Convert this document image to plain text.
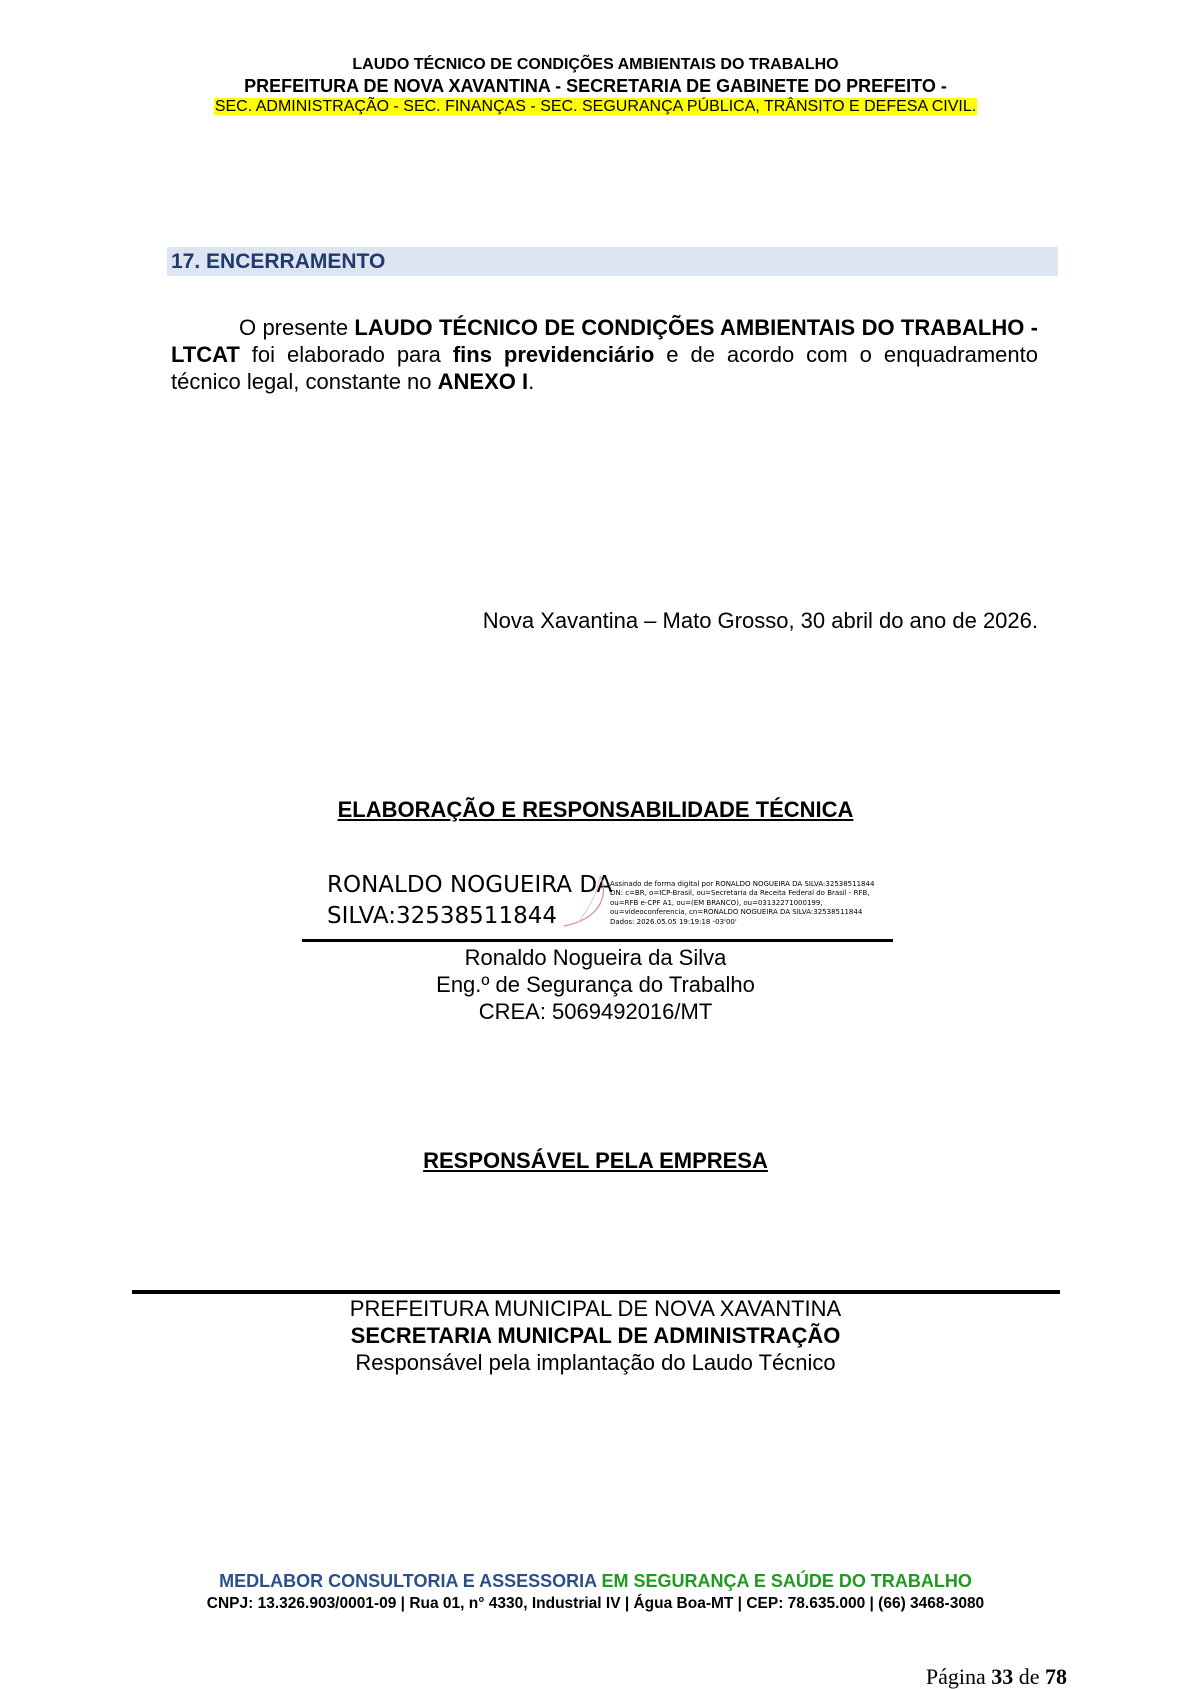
LAUDO TÉCNICO DE CONDIÇÕES AMBIENTAIS DO TRABALHO
PREFEITURA DE NOVA XAVANTINA - SECRETARIA DE GABINETE DO PREFEITO -
SEC. ADMINISTRAÇÃO - SEC. FINANÇAS - SEC. SEGURANÇA PÚBLICA, TRÂNSITO E DEFESA CIVIL.
17. ENCERRAMENTO
O presente LAUDO TÉCNICO DE CONDIÇÕES AMBIENTAIS DO TRABALHO - LTCAT foi elaborado para fins previdenciário e de acordo com o enquadramento técnico legal, constante no ANEXO I.
Nova Xavantina – Mato Grosso, 30 abril do ano de 2026.
ELABORAÇÃO E RESPONSABILIDADE TÉCNICA
RONALDO NOGUEIRA DA
SILVA:32538511844
Assinado de forma digital por RONALDO NOGUEIRA DA SILVA:32538511844
DN: c=BR, o=ICP-Brasil, ou=Secretaria da Receita Federal do Brasil - RFB,
ou=RFB e-CPF A1, ou=(EM BRANCO), ou=03132271000199,
ou=videoconferencia, cn=RONALDO NOGUEIRA DA SILVA:32538511844
Dados: 2026.05.05 19:19:18 -03'00'
Ronaldo Nogueira da Silva
Eng.º de Segurança do Trabalho
CREA: 5069492016/MT
RESPONSÁVEL PELA EMPRESA
PREFEITURA MUNICIPAL DE NOVA XAVANTINA
SECRETARIA MUNICPAL DE ADMINISTRAÇÃO
Responsável pela implantação do Laudo Técnico
MEDLABOR CONSULTORIA E ASSESSORIA EM SEGURANÇA E SAÚDE DO TRABALHO
CNPJ: 13.326.903/0001-09 | Rua 01, n° 4330, Industrial IV | Água Boa-MT | CEP: 78.635.000 | (66) 3468-3080
Página 33 de 78
